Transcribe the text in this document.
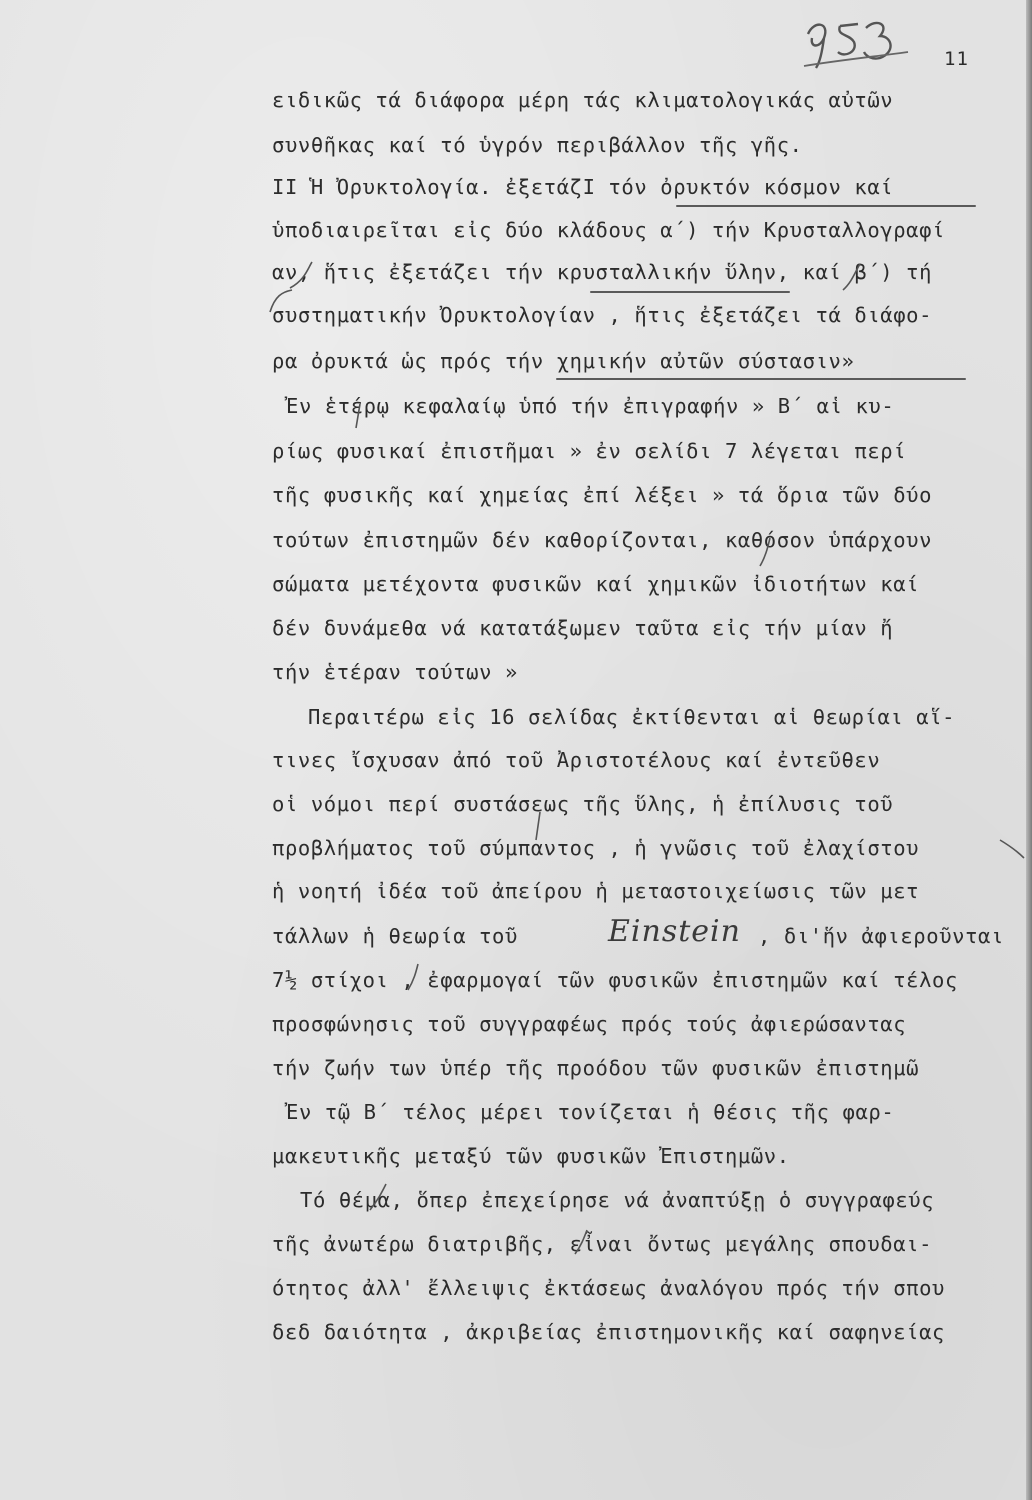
11
ειδικῶς τά διάφορα μέρη τάς κλιματολογικάς αὐτῶν
συνθῆκας καί τό ὑγρόν περιβάλλον τῆς γῆς.
ΙΙ Ἡ Ὀρυκτολογία. ἐξετάζΙ τόν ὀρυκτόν κόσμον καί
ὑποδιαιρεῖται εἰς δύο κλάδους α΄) τήν Κρυσταλλογραφί
αν, ἥτις ἐξετάζει τήν κρυσταλλικήν ὕλην, καί β΄) τή
συστηματικήν Ὀρυκτολογίαν , ἥτις ἐξετάζει τά διάφο-
ρα ὀρυκτά ὡς πρός τήν χημικήν αὐτῶν σύστασιν»
Ἐν ἑτέρῳ κεφαλαίῳ ὑπό τήν ἐπιγραφήν » Β΄ αἱ κυ-
ρίως φυσικαί ἐπιστῆμαι » ἐν σελίδι 7 λέγεται περί
τῆς φυσικῆς καί χημείας ἐπί λέξει » τά ὅρια τῶν δύο
τούτων ἐπιστημῶν δέν καθορίζονται, καθόσον ὑπάρχουν
σώματα μετέχοντα φυσικῶν καί χημικῶν ἰδιοτήτων καί
δέν δυνάμεθα νά κατατάξωμεν ταῦτα εἰς τήν μίαν ἤ
τήν ἑτέραν τούτων »
Περαιτέρω εἰς 16 σελίδας ἐκτίθενται αἱ θεωρίαι αἵ-
τινες ἴσχυσαν ἀπό τοῦ Ἀριστοτέλους καί ἐντεῦθεν
οἱ νόμοι περί συστάσεως τῆς ὕλης, ἡ ἐπίλυσις τοῦ
προβλήματος τοῦ σύμπαντος , ἡ γνῶσις τοῦ ἐλαχίστου
ἡ νοητή ἰδέα τοῦ ἀπείρου ἡ μεταστοιχείωσις τῶν μετ
τάλλων ἡ θεωρία τοῦ	Einstein , δι'ἥν ἀφιεροῦνται
7½ στίχοι , ἐφαρμογαί τῶν φυσικῶν ἐπιστημῶν καί τέλος
προσφώνησις τοῦ συγγραφέως πρός τούς ἀφιερώσαντας
τήν ζωήν των ὑπέρ τῆς προόδου τῶν φυσικῶν ἐπιστημῶ
Ἐν τῷ Β΄ τέλος μέρει τονίζεται ἡ θέσις τῆς φαρ-
μακευτικῆς μεταξύ τῶν φυσικῶν Ἐπιστημῶν.
Τό θέμα, ὅπερ ἐπεχείρησε νά ἀναπτύξῃ ὁ συγγραφεύς
τῆς ἀνωτέρω διατριβῆς, εἶναι ὄντως μεγάλης σπουδαι-
ότητος ἀλλ' ἔλλειψις ἐκτάσεως ἀναλόγου πρός τήν σπου
δεδ δαιότητα , ἀκριβείας ἐπιστημονικῆς καί σαφηνείας
